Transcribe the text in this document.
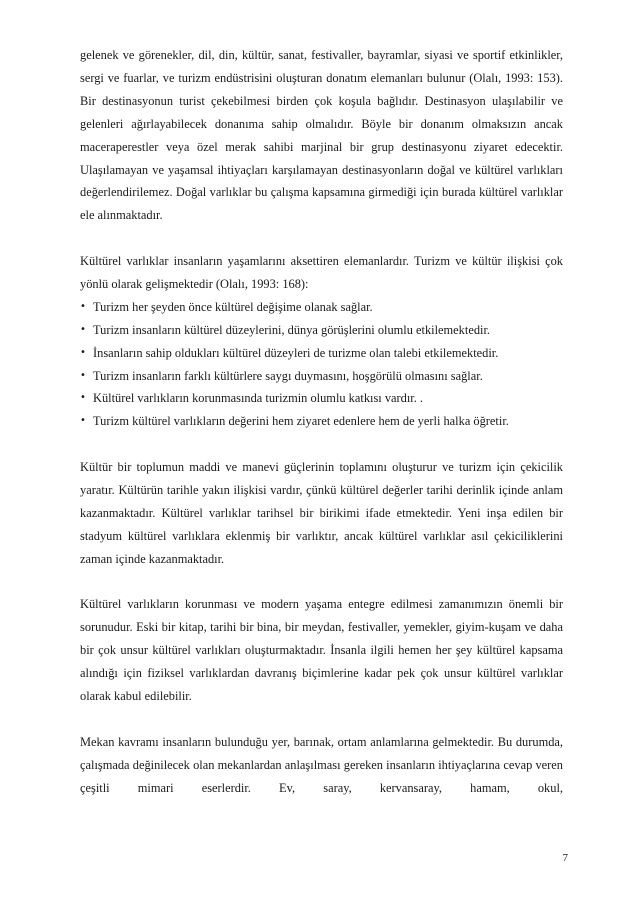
gelenek ve görenekler, dil, din, kültür, sanat, festivaller, bayramlar, siyasi ve sportif etkinlikler, sergi ve fuarlar, ve turizm endüstrisini oluşturan donatım elemanları bulunur (Olalı, 1993: 153). Bir destinasyonun turist çekebilmesi birden çok koşula bağlıdır. Destinasyon ulaşılabilir ve gelenleri ağırlayabilecek donanıma sahip olmalıdır. Böyle bir donanım olmaksızın ancak maceraperestler veya özel merak sahibi marjinal bir grup destinasyonu ziyaret edecektir. Ulaşılamayan ve yaşamsal ihtiyaçları karşılamayan destinasyonların doğal ve kültürel varlıkları değerlendirilemez. Doğal varlıklar bu çalışma kapsamına girmediği için burada kültürel varlıklar ele alınmaktadır.

Kültürel varlıklar insanların yaşamlarını aksettiren elemanlardır. Turizm ve kültür ilişkisi çok yönlü olarak gelişmektedir (Olalı, 1993: 168):

• Turizm her şeyden önce kültürel değişime olanak sağlar.
• Turizm insanların kültürel düzeylerini, dünya görüşlerini olumlu etkilemektedir.
• İnsanların sahip oldukları kültürel düzeyleri de turizme olan talebi etkilemektedir.
• Turizm insanların farklı kültürlere saygı duymasını, hoşgörülü olmasını sağlar.
• Kültürel varlıkların korunmasında turizmin olumlu katkısı vardır. .
• Turizm kültürel varlıkların değerini hem ziyaret edenlere hem de yerli halka öğretir.

Kültür bir toplumun maddi ve manevi güçlerinin toplamını oluşturur ve turizm için çekicilik yaratır. Kültürün tarihle yakın ilişkisi vardır, çünkü kültürel değerler tarihi derinlik içinde anlam kazanmaktadır. Kültürel varlıklar tarihsel bir birikimi ifade etmektedir. Yeni inşa edilen bir stadyum kültürel varlıklara eklenmiş bir varlıktır, ancak kültürel varlıklar asıl çekiciliklerini zaman içinde kazanmaktadır.

Kültürel varlıkların korunması ve modern yaşama entegre edilmesi zamanımızın önemli bir sorunudur. Eski bir kitap, tarihi bir bina, bir meydan, festivaller, yemekler, giyim-kuşam ve daha bir çok unsur kültürel varlıkları oluşturmaktadır. İnsanla ilgili hemen her şey kültürel kapsama alındığı için fiziksel varlıklardan davranış biçimlerine kadar pek çok unsur kültürel varlıklar olarak kabul edilebilir.

Mekan kavramı insanların bulunduğu yer, barınak, ortam anlamlarına gelmektedir. Bu durumda, çalışmada değinilecek olan mekanlardan anlaşılması gereken insanların ihtiyaçlarına cevap veren çeşitli mimari eserlerdir. Ev, saray, kervansaray, hamam, okul,

7
